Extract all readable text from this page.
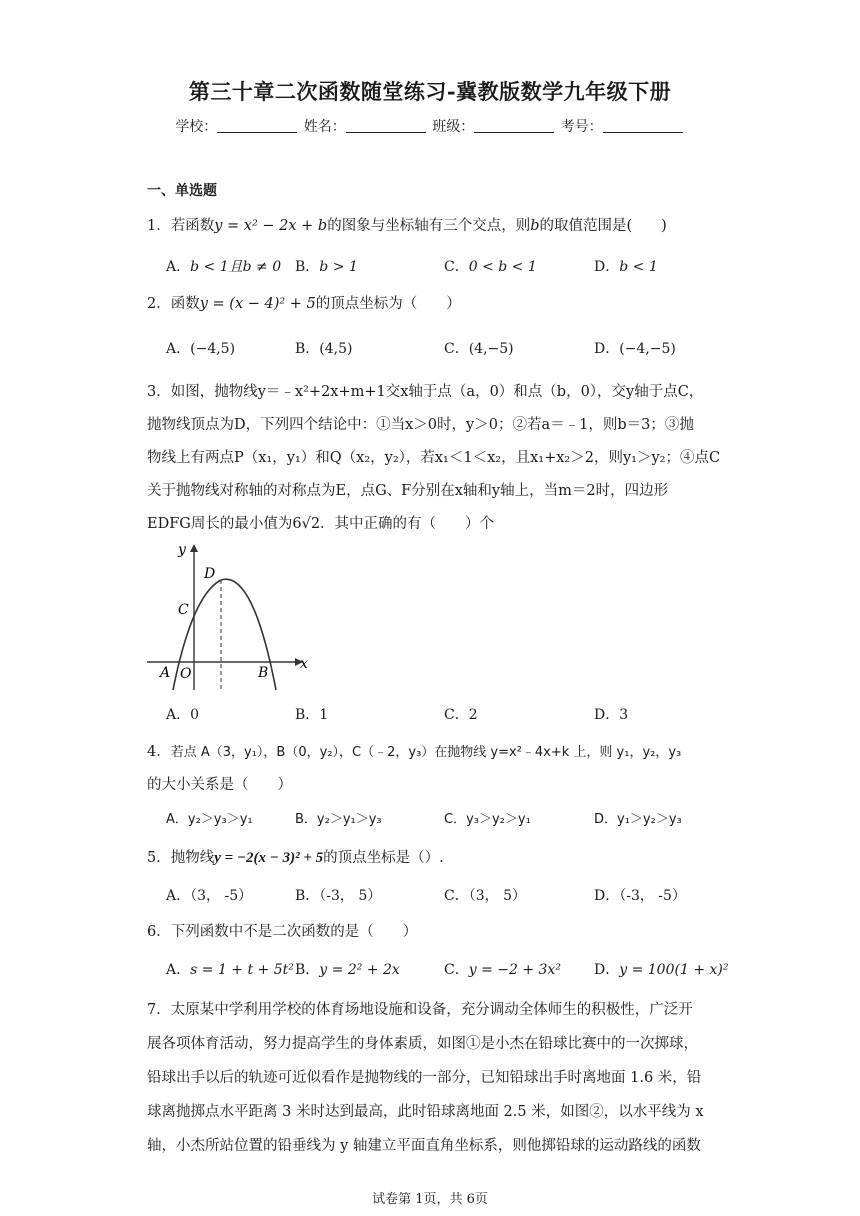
第三十章二次函数随堂练习-冀教版数学九年级下册
学校：	姓名：	班级：	考号：
一、单选题
1．若函数y = x² − 2x + b的图象与坐标轴有三个交点，则b的取值范围是(　　)
A．b < 1且b ≠ 0 B．b > 1	C．0 < b < 1	D．b < 1
2．函数y = (x − 4)² + 5的顶点坐标为（　　）
A．(−4,5)	B．(4,5)	C．(4,−5)	D．(−4,−5)
3．如图，抛物线y＝﹣x²+2x+m+1交x轴于点（a，0）和点（b，0），交y轴于点C，
抛物线顶点为D，下列四个结论中：①当x＞0时，y＞0；②若a＝﹣1，则b＝3；③抛
物线上有两点P（x₁，y₁）和Q（x₂，y₂），若x₁＜1＜x₂，且x₁+x₂＞2，则y₁＞y₂；④点C
关于抛物线对称轴的对称点为E，点G、F分别在x轴和y轴上，当m＝2时，四边形
EDFG周长的最小值为6√2．其中正确的有（　　）个
y
x
D
C
A O	B
A．0	B．1	C．2	D．3
4．若点 A（3，y₁），B（0，y₂），C（﹣2，y₃）在抛物线 y=x²﹣4x+k 上，则 y₁，y₂，y₃
的大小关系是（　　）
A．y₂＞y₃＞y₁	B．y₂＞y₁＞y₃	C．y₃＞y₂＞y₁	D．y₁＞y₂＞y₃
5．抛物线y = −2(x − 3)² + 5的顶点坐标是（）.
A．（3， -5）	B．（-3， 5）	C．（3， 5）	D．（-3， -5）
6．下列函数中不是二次函数的是（　　）
A．s = 1 + t + 5t² B．y = 2² + 2x	C．y = −2 + 3x² D．y = 100(1 + x)²
7．太原某中学利用学校的体育场地设施和设备，充分调动全体师生的积极性，广泛开
展各项体育活动，努力提高学生的身体素质，如图①是小杰在铅球比赛中的一次掷球，
铅球出手以后的轨迹可近似看作是抛物线的一部分，已知铅球出手时离地面 1.6 米，铅
球离抛掷点水平距离 3 米时达到最高，此时铅球离地面 2.5 米，如图②，以水平线为 x
轴，小杰所站位置的铅垂线为 y 轴建立平面直角坐标系，则他掷铅球的运动路线的函数
试卷第 1页，共 6页
